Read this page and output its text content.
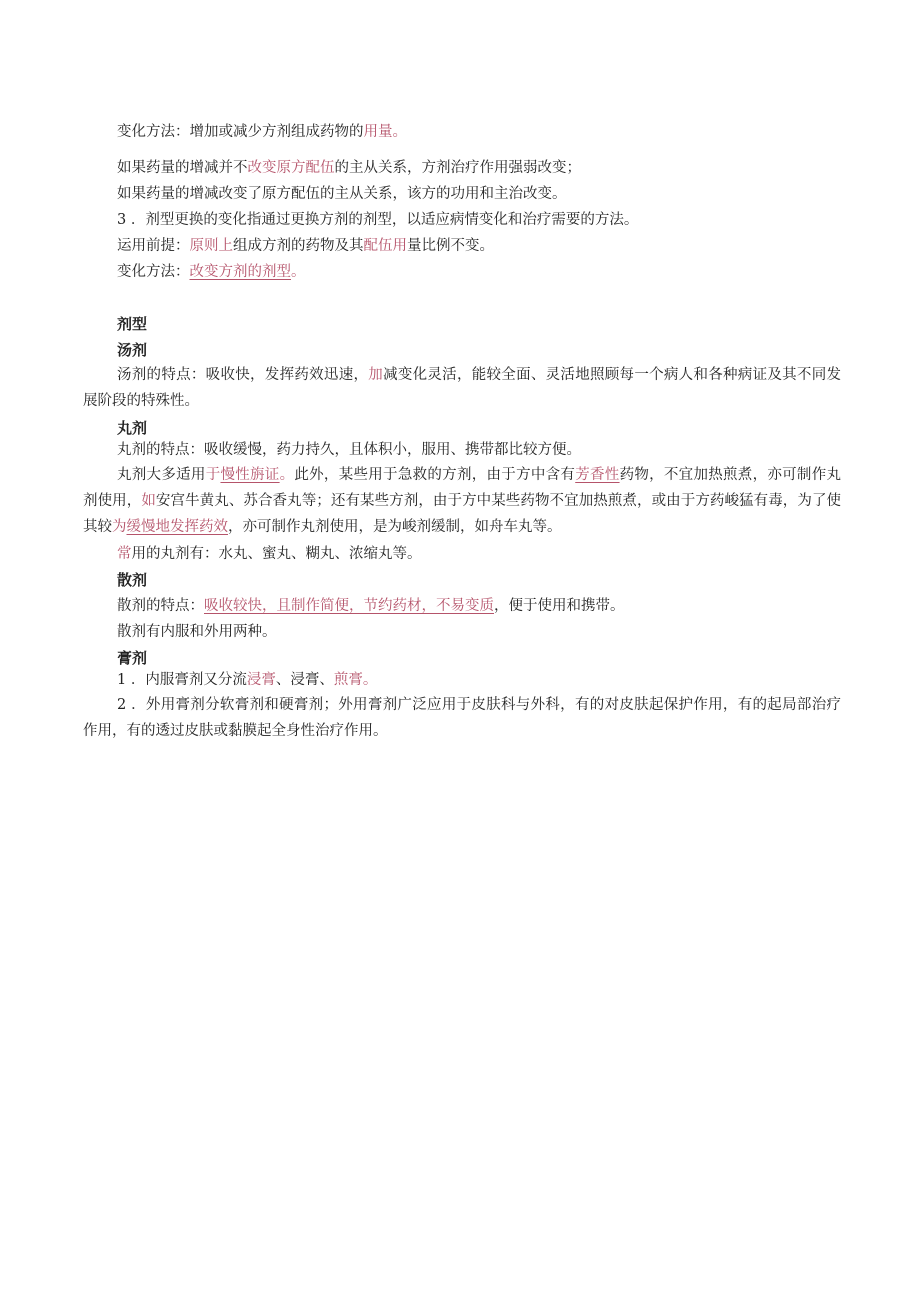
变化方法：增加或减少方剂组成药物的用量。
如果药量的增减并不改变原方配伍的主从关系，方剂治疗作用强弱改变；
如果药量的增减改变了原方配伍的主从关系，该方的功用和主治改变。
3 ．剂型更换的变化指通过更换方剂的剂型，以适应病情变化和治疗需要的方法。
运用前提：原则上组成方剂的药物及其配伍用量比例不变。
变化方法：改变方剂的剂型。
剂型
汤剂
汤剂的特点：吸收快，发挥药效迅速，加减变化灵活，能较全面、灵活地照顾每一个病人和各种病证及其不同发展阶段的特殊性。
丸剂
丸剂的特点：吸收缓慢，药力持久，且体积小，服用、携带都比较方便。
丸剂大多适用于慢性旃证。此外，某些用于急救的方剂，由于方中含有芳香性药物，不宜加热煎煮，亦可制作丸剂使用，如安宫牛黄丸、苏合香丸等；还有某些方剂，由于方中某些药物不宜加热煎煮，或由于方药峻猛有毒，为了使其较为缓慢地发挥药效，亦可制作丸剂使用，是为峻剂缓制，如舟车丸等。
常用的丸剂有：水丸、蜜丸、糊丸、浓缩丸等。
散剂
散剂的特点：吸收较快，且制作简便，节约药材，不易变质，便于使用和携带。
散剂有内服和外用两种。
膏剂
1 ．内服膏剂又分流浸膏、浸膏、煎膏。
2 ．外用膏剂分软膏剂和硬膏剂；外用膏剂广泛应用于皮肤科与外科，有的对皮肤起保护作用，有的起局部治疗作用，有的透过皮肤或黏膜起全身性治疗作用。
